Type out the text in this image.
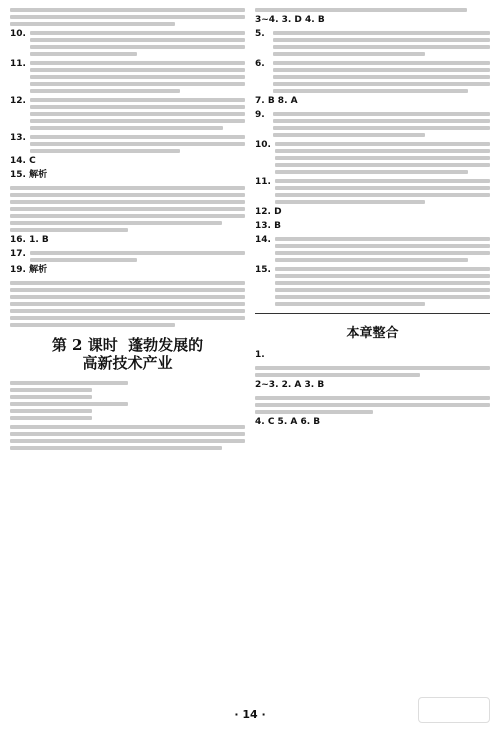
10.
11.
12.
13.
14. C
15. 解析
16. 1. B
17.
19. 解析
第 2 课时 蓬勃发展的
高新技术产业
3~4. 3. D 4. B
5.
6.
7. B 8. A
9.
10.
11.
12. D
13. B
14.
15.
本章整合
1.
2~3. 2. A 3. B
4. C 5. A 6. B
· 14 ·
